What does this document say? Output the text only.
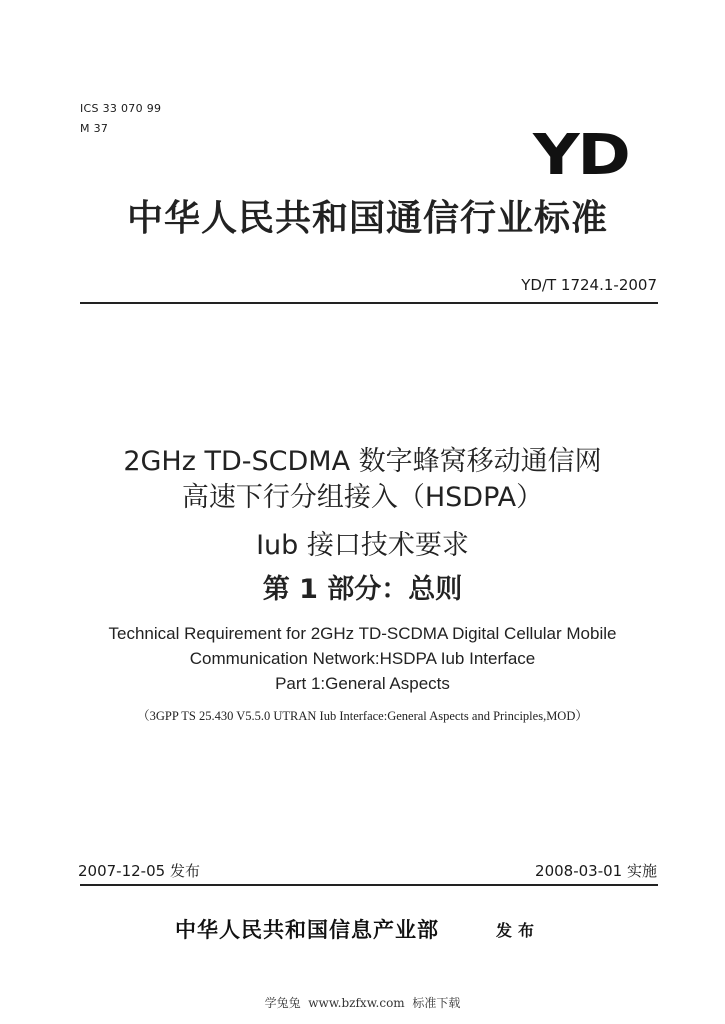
ICS 33 070 99
M 37	YD
中华人民共和国通信行业标准
YD/T 1724.1-2007
2GHz TD-SCDMA 数字蜂窝移动通信网
高速下行分组接入（HSDPA）
Iub 接口技术要求
第 1 部分：总则
Technical Requirement for 2GHz TD-SCDMA Digital Cellular Mobile
Communication Network:HSDPA Iub Interface
Part 1:General Aspects
（3GPP TS 25.430 V5.5.0 UTRAN Iub Interface:General Aspects and Principles,MOD）
2007-12-05 发布	2008-03-01 实施
中华人民共和国信息产业部	发布
学兔兔  www.bzfxw.com  标准下载
